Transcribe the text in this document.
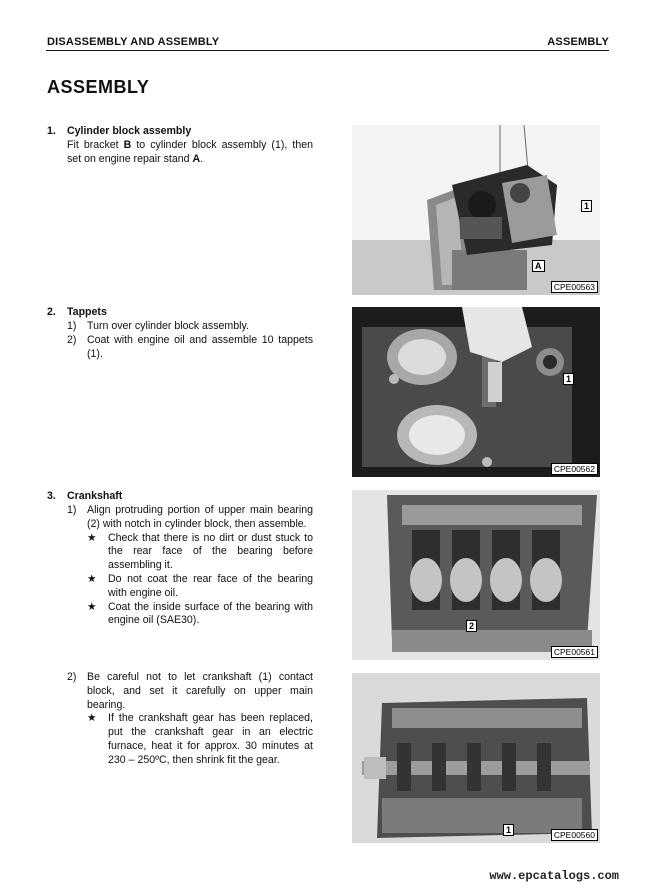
DISASSEMBLY AND ASSEMBLY	ASSEMBLY
ASSEMBLY
1. Cylinder block assembly
Fit bracket B to cylinder block assembly (1), then set on engine repair stand A.
2. Tappets
1) Turn over cylinder block assembly.
2) Coat with engine oil and assemble 10 tappets (1).
3. Crankshaft
1) Align protruding portion of upper main bearing (2) with notch in cylinder block, then assemble.
★ Check that there is no dirt or dust stuck to the rear face of the bearing before assembling it.
★ Do not coat the rear face of the bearing with engine oil.
★ Coat the inside surface of the bearing with engine oil (SAE30).
2) Be careful not to let crankshaft (1) contact block, and set it carefully on upper main bearing.
★ If the crankshaft gear has been replaced, put the crankshaft gear in an electric furnace, heat it for approx. 30 minutes at 230 – 250ºC, then shrink fit the gear.
1
A
CPE00563
1
CPE00562
2
CPE00561
1	CPE00560
www.epcatalogs.com
